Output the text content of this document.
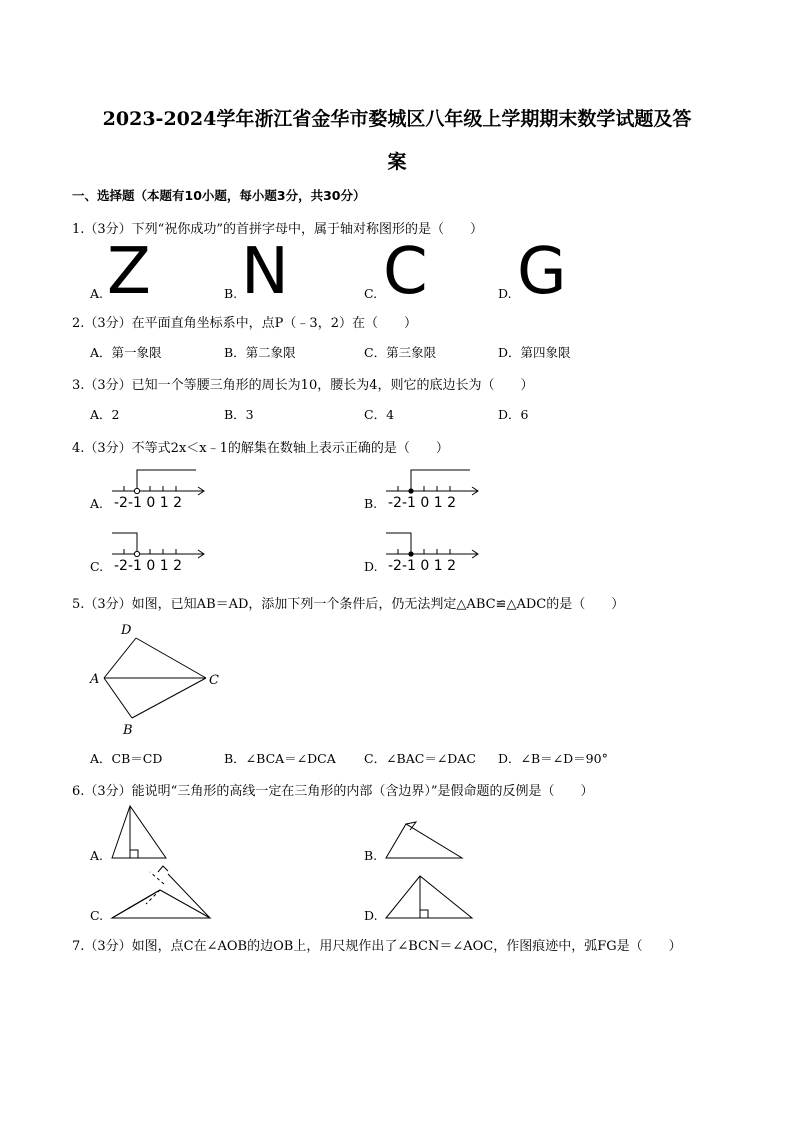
2023-2024学年浙江省金华市婺城区八年级上学期期末数学试题及答
案
一、选择题（本题有10小题，每小题3分，共30分）
1.（3分）下列“祝你成功”的首拼字母中，属于轴对称图形的是（　　）
A. Z	B. N	C. C	D. G
2.（3分）在平面直角坐标系中，点P（﹣3，2）在（　　）
A．第一象限	B．第二象限	C．第三象限	D．第四象限
3.（3分）已知一个等腰三角形的周长为10，腰长为4，则它的底边长为（　　）
A．2	B．3	C．4	D．6
4.（3分）不等式2x＜x﹣1的解集在数轴上表示正确的是（　　）
A.	B.
C.	D.
-2-1 0 1 2	-2-1 0 1 2
-2-1 0 1 2	-2-1 0 1 2
5.（3分）如图，已知AB＝AD，添加下列一个条件后，仍无法判定△ABC≌△ADC的是（　　）
D
A	C
B
A．CB＝CD	B．∠BCA＝∠DCA C．∠BAC＝∠DAC D．∠B＝∠D＝90°
6.（3分）能说明“三角形的高线一定在三角形的内部（含边界）”是假命题的反例是（　　）
A.	B.
C.	D.
7.（3分）如图，点C在∠AOB的边OB上，用尺规作出了∠BCN＝∠AOC，作图痕迹中，弧FG是（　　）
